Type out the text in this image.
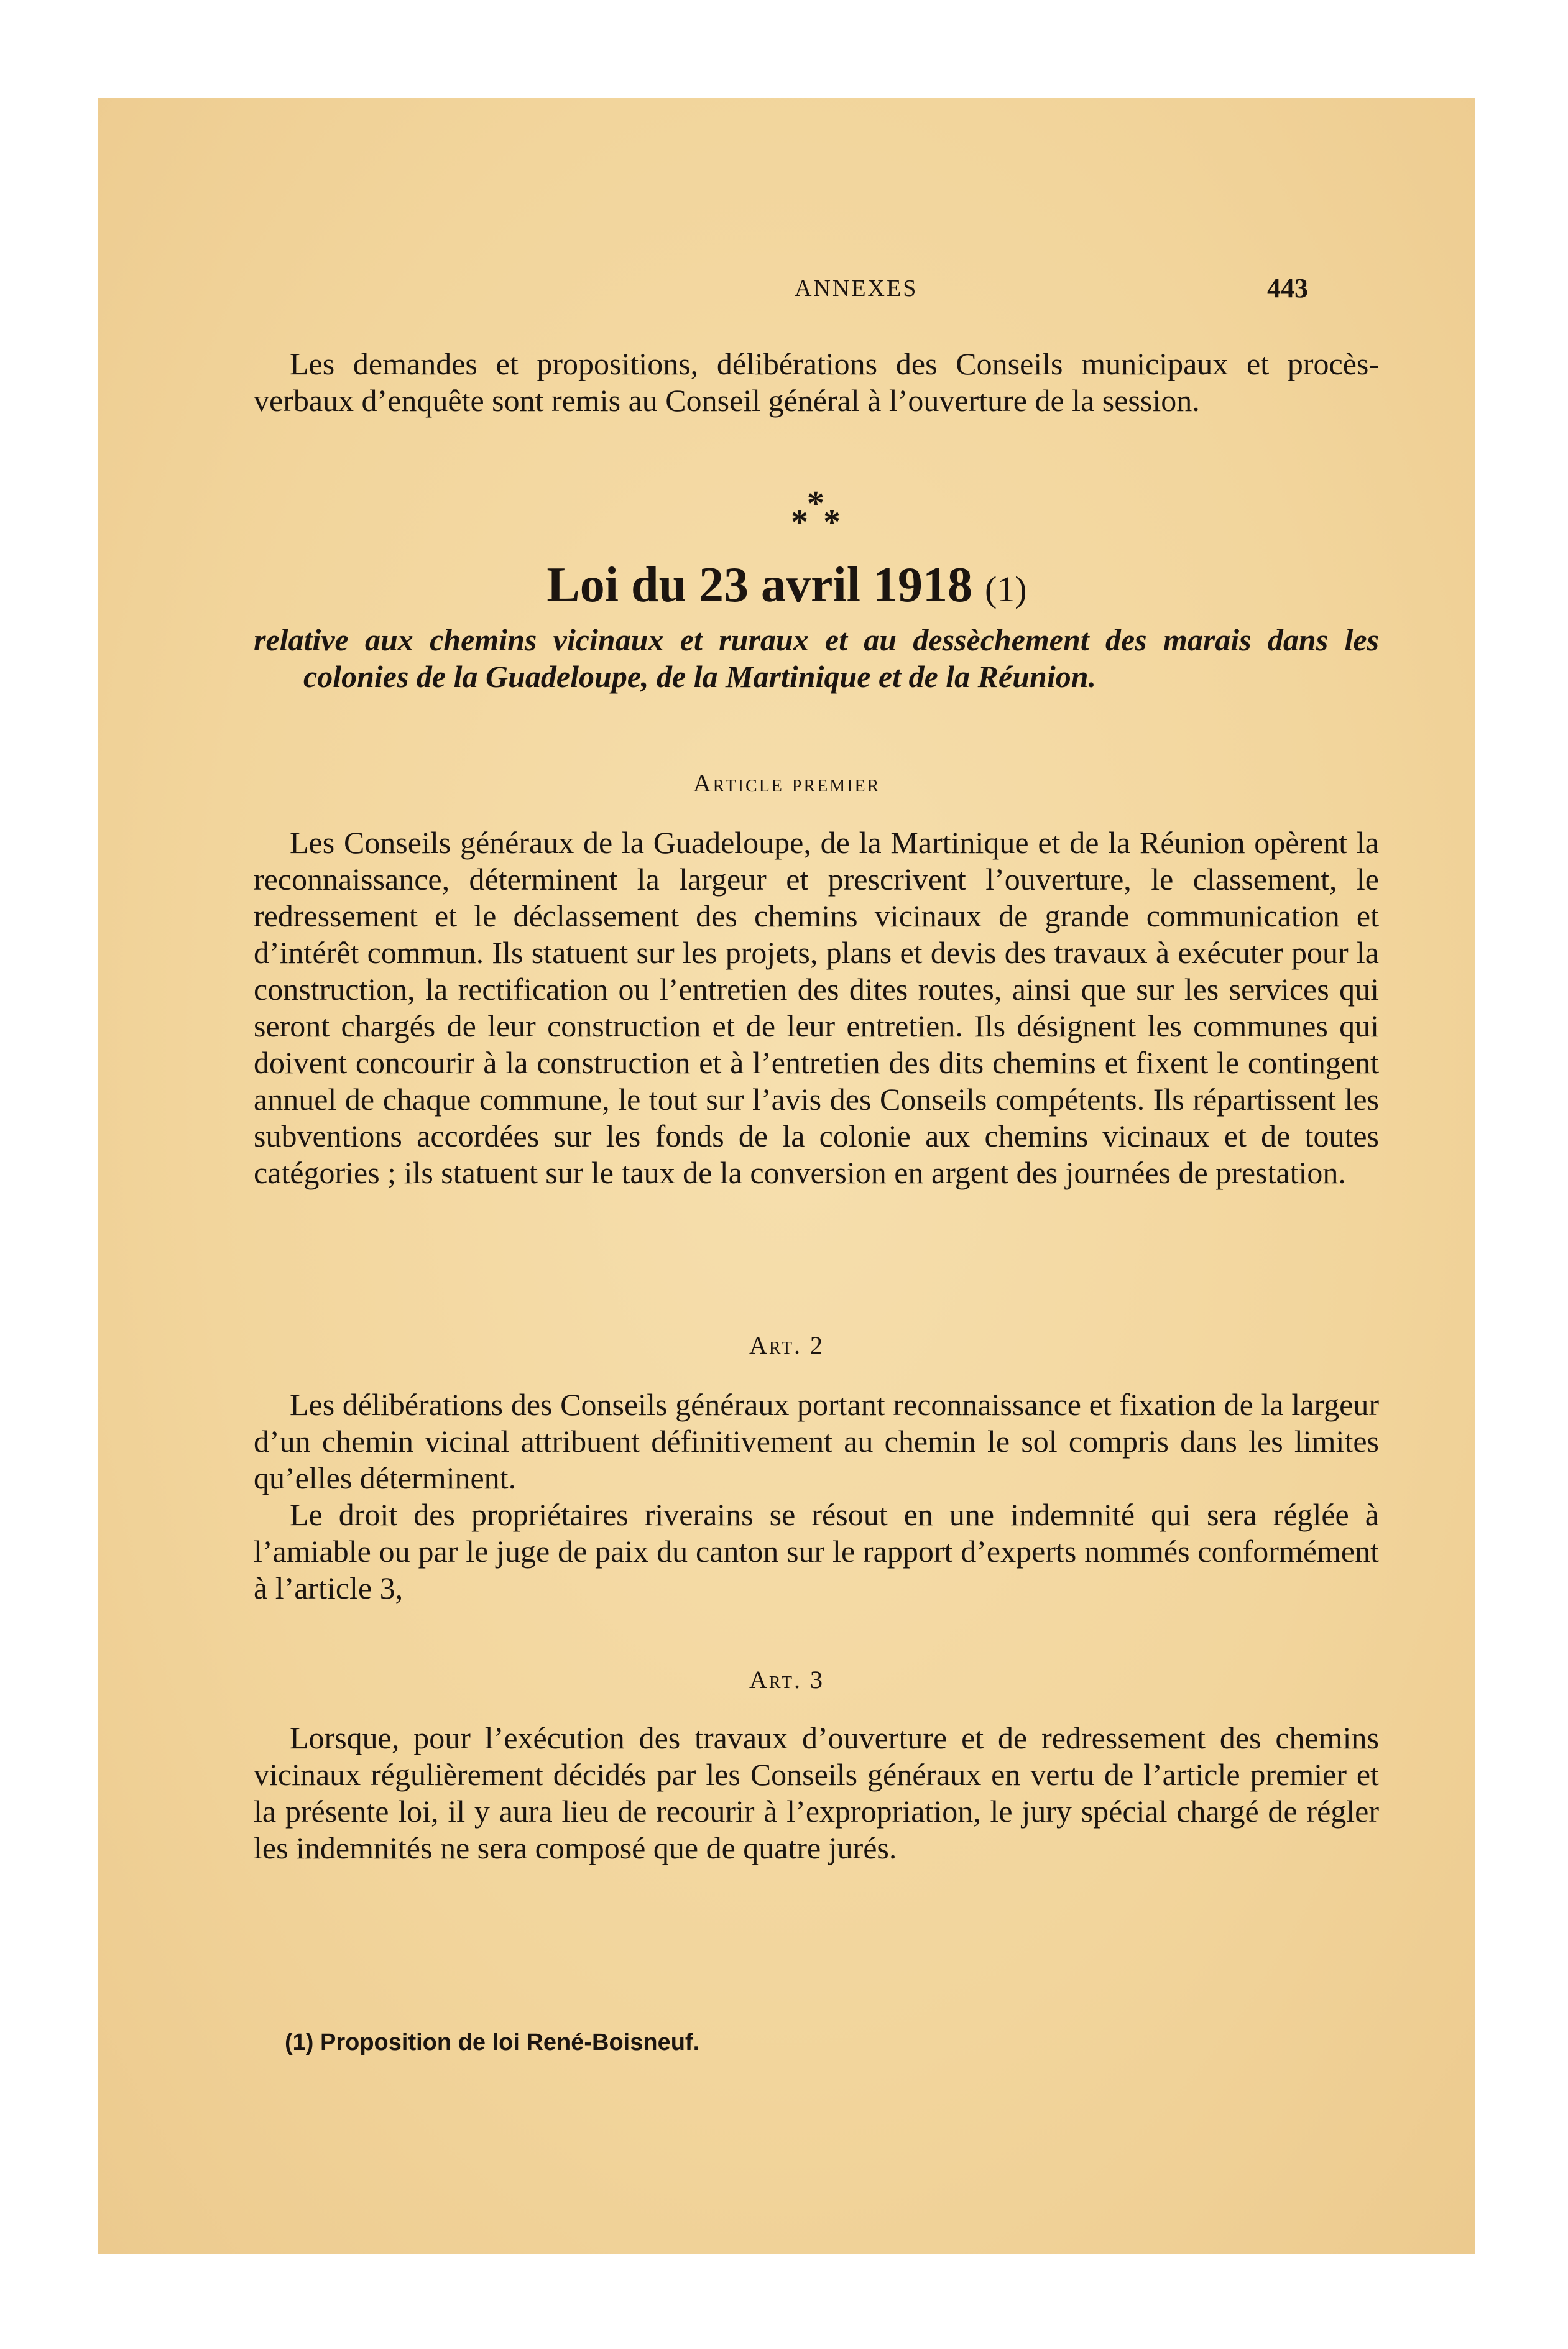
ANNEXES	443

Les demandes et propositions, délibérations des Conseils municipaux et procès-verbaux d’enquête sont remis au Conseil général à l’ouverture de la session.

*
* *
Loi du 23 avril 1918 (1)
relative aux chemins vicinaux et ruraux et au dessèchement des marais dans les colonies de la Guadeloupe, de la Martinique et de la Réunion.
Article premier

Les Conseils généraux de la Guadeloupe, de la Martinique et de la Réunion opèrent la reconnaissance, déterminent la largeur et prescrivent l’ouverture, le classement, le redressement et le déclassement des chemins vicinaux de grande communication et d’intérêt commun. Ils statuent sur les projets, plans et devis des travaux à exécuter pour la construction, la rectification ou l’entretien des dites routes, ainsi que sur les services qui seront chargés de leur construction et de leur entretien. Ils désignent les communes qui doivent concourir à la construction et à l’entretien des dits chemins et fixent le contingent annuel de chaque commune, le tout sur l’avis des Conseils compétents. Ils répartissent les subventions accordées sur les fonds de la colonie aux chemins vicinaux et de toutes catégories ; ils statuent sur le taux de la conversion en argent des journées de prestation.

Art. 2

Les délibérations des Conseils généraux portant reconnaissance et fixation de la largeur d’un chemin vicinal attribuent définitivement au chemin le sol compris dans les limites qu’elles déterminent.

Le droit des propriétaires riverains se résout en une indemnité qui sera réglée à l’amiable ou par le juge de paix du canton sur le rapport d’experts nommés conformément à l’article 3,

Art. 3

Lorsque, pour l’exécution des travaux d’ouverture et de redressement des chemins vicinaux régulièrement décidés par les Conseils généraux en vertu de l’article premier et la présente loi, il y aura lieu de recourir à l’expropriation, le jury spécial chargé de régler les indemnités ne sera composé que de quatre jurés.

(1) Proposition de loi René-Boisneuf.
